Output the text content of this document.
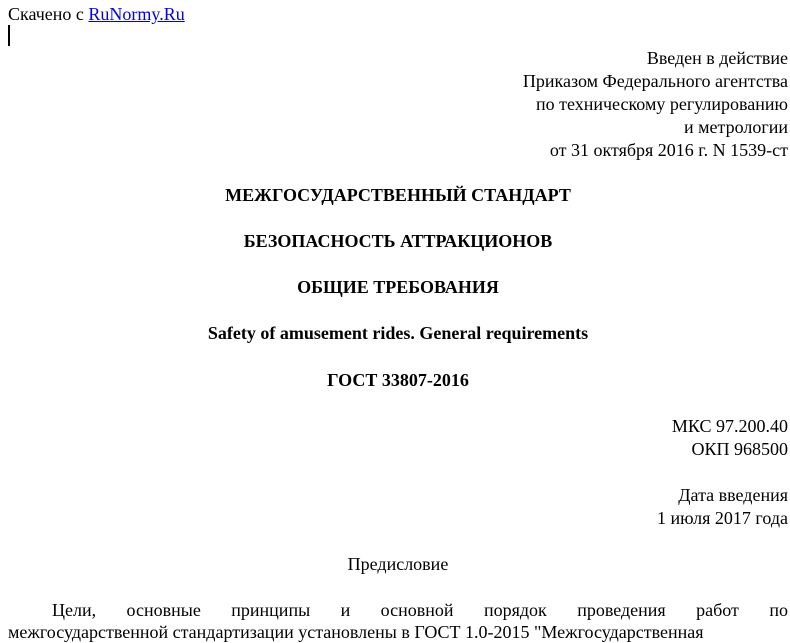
Скачено с RuNormy.Ru
Введен в действие
Приказом Федерального агентства
по техническому регулированию
и метрологии
от 31 октября 2016 г. N 1539-ст
МЕЖГОСУДАРСТВЕННЫЙ СТАНДАРТ
БЕЗОПАСНОСТЬ АТТРАКЦИОНОВ
ОБЩИЕ ТРЕБОВАНИЯ
Safety of amusement rides. General requirements
ГОСТ 33807-2016
МКС 97.200.40
ОКП 968500
Дата введения
1 июля 2017 года
Предисловие
Цели, основные принципы и основной порядок проведения работ по
межгосударственной стандартизации установлены в ГОСТ 1.0-2015 "Межгосударственная
